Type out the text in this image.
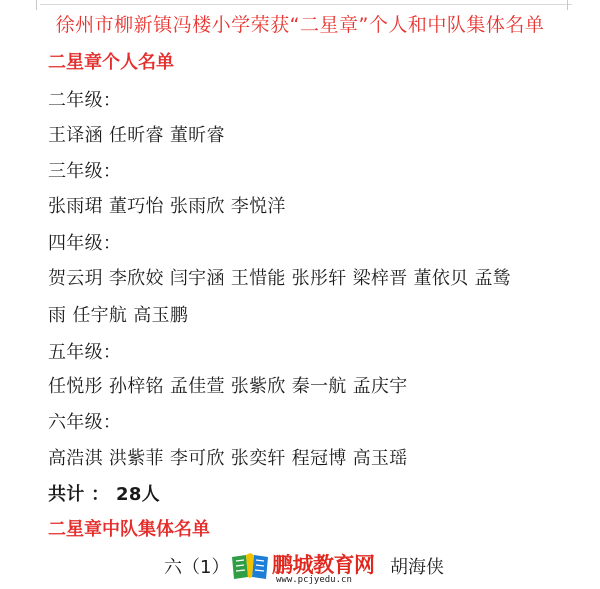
徐州市柳新镇冯楼小学荣获“二星章”个人和中队集体名单
二星章个人名单
二年级：
王译涵 任昕睿 董昕睿
三年级：
张雨珺 董巧怡 张雨欣 李悦洋
四年级：
贺云玥 李欣姣 闫宇涵 王惜能 张彤轩 梁梓晋 董依贝 孟鸶
雨 任宇航 高玉鹏
五年级：
任悦彤 孙梓铭 孟佳萱 张紫欣 秦一航 孟庆宇
六年级：
高浩淇 洪紫菲 李可欣 张奕轩 程冠博 高玉瑶
共计 ： 28人
二星章中队集体名单
六（1）	胡海侠
鹏城教育网
www.pcjyedu.cn
